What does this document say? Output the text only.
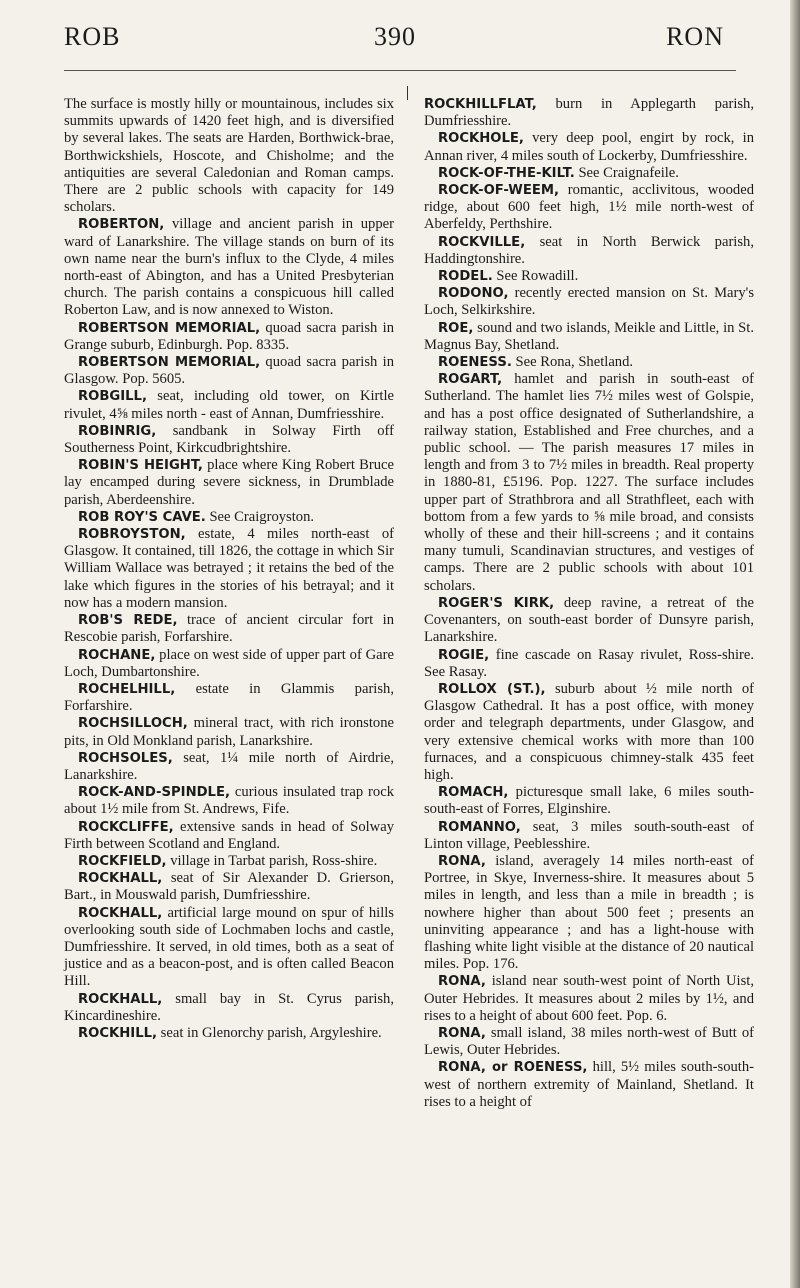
ROB	390	RON

The surface is mostly hilly or mountainous, includes six summits upwards of 1420 feet high, and is diversified by several lakes. The seats are Harden, Borthwick-brae, Borthwickshiels, Hoscote, and Chisholme; and the antiquities are several Caledonian and Roman camps. There are 2 public schools with capacity for 149 scholars.

ROBERTON, village and ancient parish in upper ward of Lanarkshire. The village stands on burn of its own name near the burn's influx to the Clyde, 4 miles north-east of Abington, and has a United Presbyterian church. The parish contains a conspicuous hill called Roberton Law, and is now annexed to Wiston.

ROBERTSON MEMORIAL, quoad sacra parish in Grange suburb, Edinburgh. Pop. 8335.

ROBERTSON MEMORIAL, quoad sacra parish in Glasgow. Pop. 5605.

ROBGILL, seat, including old tower, on Kirtle rivulet, 4⅝ miles north - east of Annan, Dumfriesshire.

ROBINRIG, sandbank in Solway Firth off Southerness Point, Kirkcudbrightshire.

ROBIN'S HEIGHT, place where King Robert Bruce lay encamped during severe sickness, in Drumblade parish, Aberdeenshire.

ROB ROY'S CAVE. See Craigroyston.

ROBROYSTON, estate, 4 miles north-east of Glasgow. It contained, till 1826, the cottage in which Sir William Wallace was betrayed ; it retains the bed of the lake which figures in the stories of his betrayal; and it now has a modern mansion.

ROB'S REDE, trace of ancient circular fort in Rescobie parish, Forfarshire.

ROCHANE, place on west side of upper part of Gare Loch, Dumbartonshire.

ROCHELHILL, estate in Glammis parish, Forfarshire.

ROCHSILLOCH, mineral tract, with rich ironstone pits, in Old Monkland parish, Lanarkshire.

ROCHSOLES, seat, 1¼ mile north of Airdrie, Lanarkshire.

ROCK-AND-SPINDLE, curious insulated trap rock about 1½ mile from St. Andrews, Fife.

ROCKCLIFFE, extensive sands in head of Solway Firth between Scotland and England.

ROCKFIELD, village in Tarbat parish, Ross-shire.

ROCKHALL, seat of Sir Alexander D. Grierson, Bart., in Mouswald parish, Dumfriesshire.

ROCKHALL, artificial large mound on spur of hills overlooking south side of Lochmaben lochs and castle, Dumfriesshire. It served, in old times, both as a seat of justice and as a beacon-post, and is often called Beacon Hill.

ROCKHALL, small bay in St. Cyrus parish, Kincardineshire.

ROCKHILL, seat in Glenorchy parish, Argyleshire.

ROCKHILLFLAT, burn in Applegarth parish, Dumfriesshire.

ROCKHOLE, very deep pool, engirt by rock, in Annan river, 4 miles south of Lockerby, Dumfriesshire.

ROCK-OF-THE-KILT. See Craignafeile.

ROCK-OF-WEEM, romantic, acclivitous, wooded ridge, about 600 feet high, 1½ mile north-west of Aberfeldy, Perthshire.

ROCKVILLE, seat in North Berwick parish, Haddingtonshire.

RODEL. See Rowadill.

RODONO, recently erected mansion on St. Mary's Loch, Selkirkshire.

ROE, sound and two islands, Meikle and Little, in St. Magnus Bay, Shetland.

ROENESS. See Rona, Shetland.

ROGART, hamlet and parish in south-east of Sutherland. The hamlet lies 7½ miles west of Golspie, and has a post office designated of Sutherlandshire, a railway station, Established and Free churches, and a public school. — The parish measures 17 miles in length and from 3 to 7½ miles in breadth. Real property in 1880-81, £5196. Pop. 1227. The surface includes upper part of Strathbrora and all Strathfleet, each with bottom from a few yards to ⅝ mile broad, and consists wholly of these and their hill-screens ; and it contains many tumuli, Scandinavian structures, and vestiges of camps. There are 2 public schools with about 101 scholars.

ROGER'S KIRK, deep ravine, a retreat of the Covenanters, on south-east border of Dunsyre parish, Lanarkshire.

ROGIE, fine cascade on Rasay rivulet, Ross-shire. See Rasay.

ROLLOX (ST.), suburb about ½ mile north of Glasgow Cathedral. It has a post office, with money order and telegraph departments, under Glasgow, and very extensive chemical works with more than 100 furnaces, and a conspicuous chimney-stalk 435 feet high.

ROMACH, picturesque small lake, 6 miles south-south-east of Forres, Elginshire.

ROMANNO, seat, 3 miles south-south-east of Linton village, Peeblesshire.

RONA, island, averagely 14 miles north-east of Portree, in Skye, Inverness-shire. It measures about 5 miles in length, and less than a mile in breadth ; is nowhere higher than about 500 feet ; presents an uninviting appearance ; and has a light-house with flashing white light visible at the distance of 20 nautical miles. Pop. 176.

RONA, island near south-west point of North Uist, Outer Hebrides. It measures about 2 miles by 1½, and rises to a height of about 600 feet. Pop. 6.

RONA, small island, 38 miles north-west of Butt of Lewis, Outer Hebrides.

RONA, or ROENESS, hill, 5½ miles south-south-west of northern extremity of Mainland, Shetland. It rises to a height of
